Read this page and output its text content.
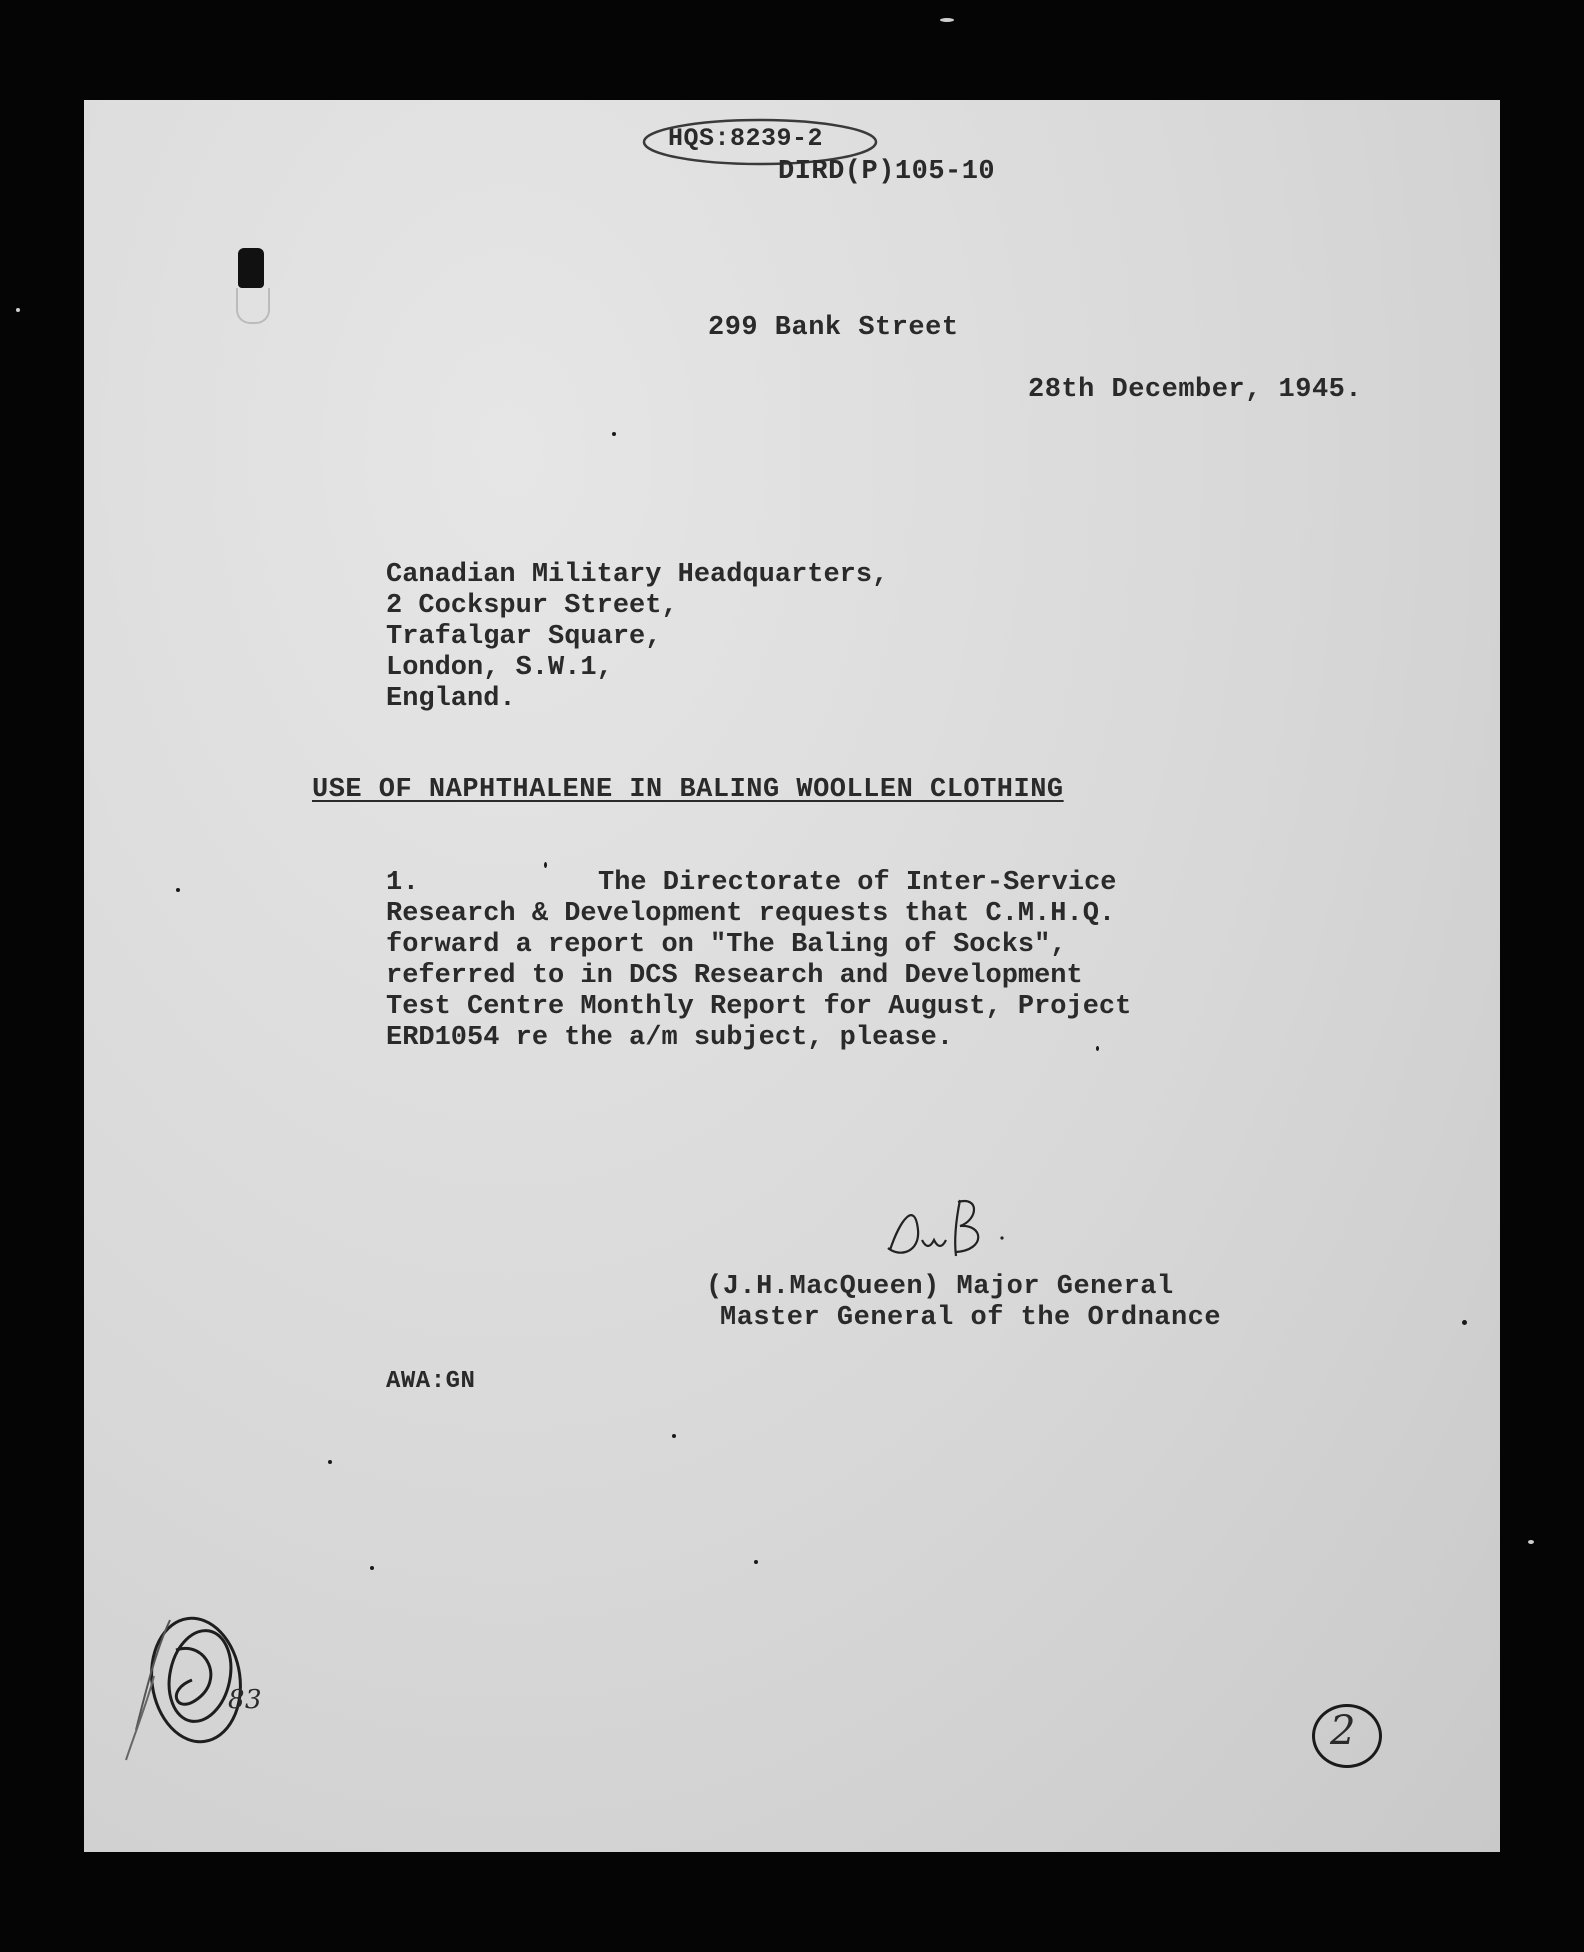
HQS:8239-2
DIRD(P)105-10
299 Bank Street
28th December, 1945.
Canadian Military Headquarters,
2 Cockspur Street,
Trafalgar Square,
London, S.W.1,
England.
USE OF NAPHTHALENE IN BALING WOOLLEN CLOTHING
1.	The Directorate of Inter-Service
Research & Development requests that C.M.H.Q.
forward a report on "The Baling of Socks",
referred to in DCS Research and Development
Test Centre Monthly Report for August, Project
ERD1054 re the a/m subject, please.
(J.H.MacQueen) Major General
Master General of the Ordnance
AWA:GN
83
2
